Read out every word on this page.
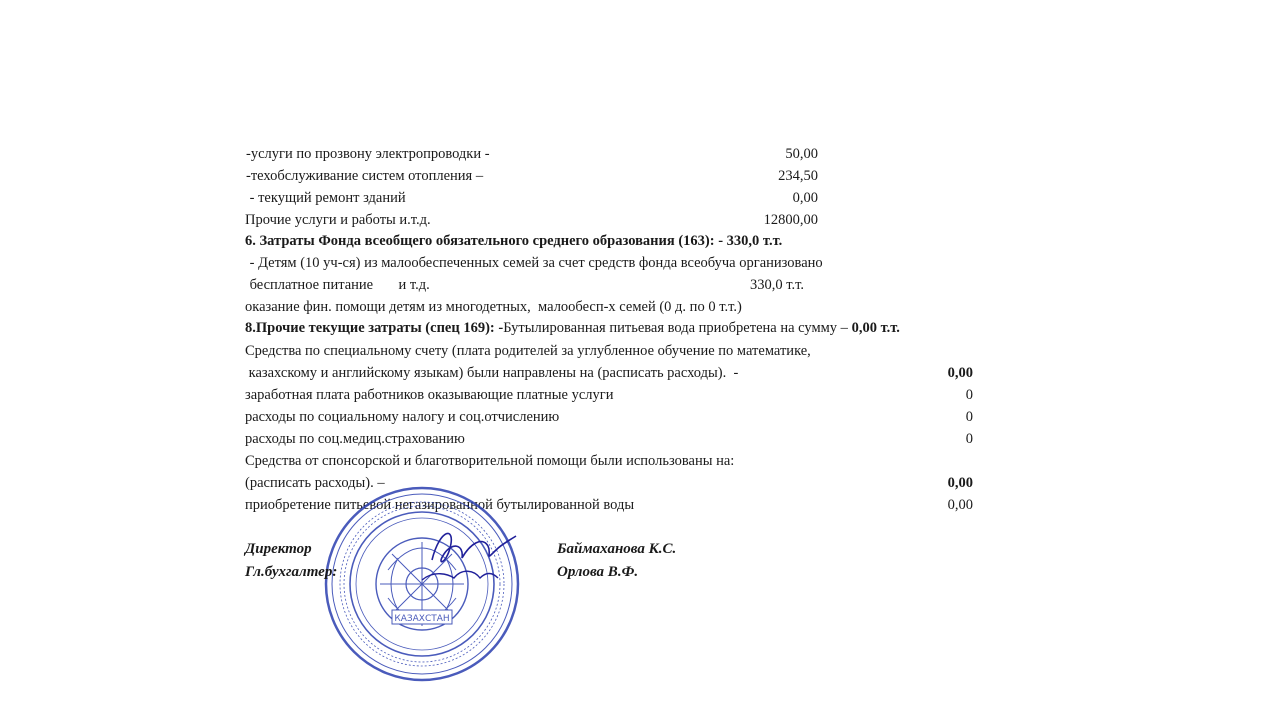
-услуги по прозвону электропроводки -	50,00
-техобслуживание систем отопления –	234,50
- текущий ремонт зданий	0,00
Прочие услуги и работы и.т.д.	12800,00
6. Затраты Фонда всеобщего обязательного среднего образования (163): - 330,0 т.т.
- Детям (10 уч-ся) из малообеспеченных семей за счет средств фонда всеобуча организовано
бесплатное питание       и т.д.	330,0 т.т.
оказание фин. помощи детям из многодетных,  малообесп-х семей (0 д. по 0 т.т.)
8.Прочие текущие затраты (спец 169): -Бутылированная питьевая вода приобретена на сумму – 0,00 т.т.
Средства по специальному счету (плата родителей за углубленное обучение по математике,
казахскому и английскому языкам) были направлены на (расписать расходы).  -	0,00
заработная плата работников оказывающие платные услуги	0
расходы по социальному налогу и соц.отчислению	0
расходы по соц.медиц.страхованию	0
Средства от спонсорской и благотворительной помощи были использованы на:
(расписать расходы). –	0,00
приобретение питьевой негазированной бутылированной воды	0,00
КАЗАХСТАН
Директор	Баймаханова К.С.
Гл.бухгалтер:	Орлова В.Ф.
